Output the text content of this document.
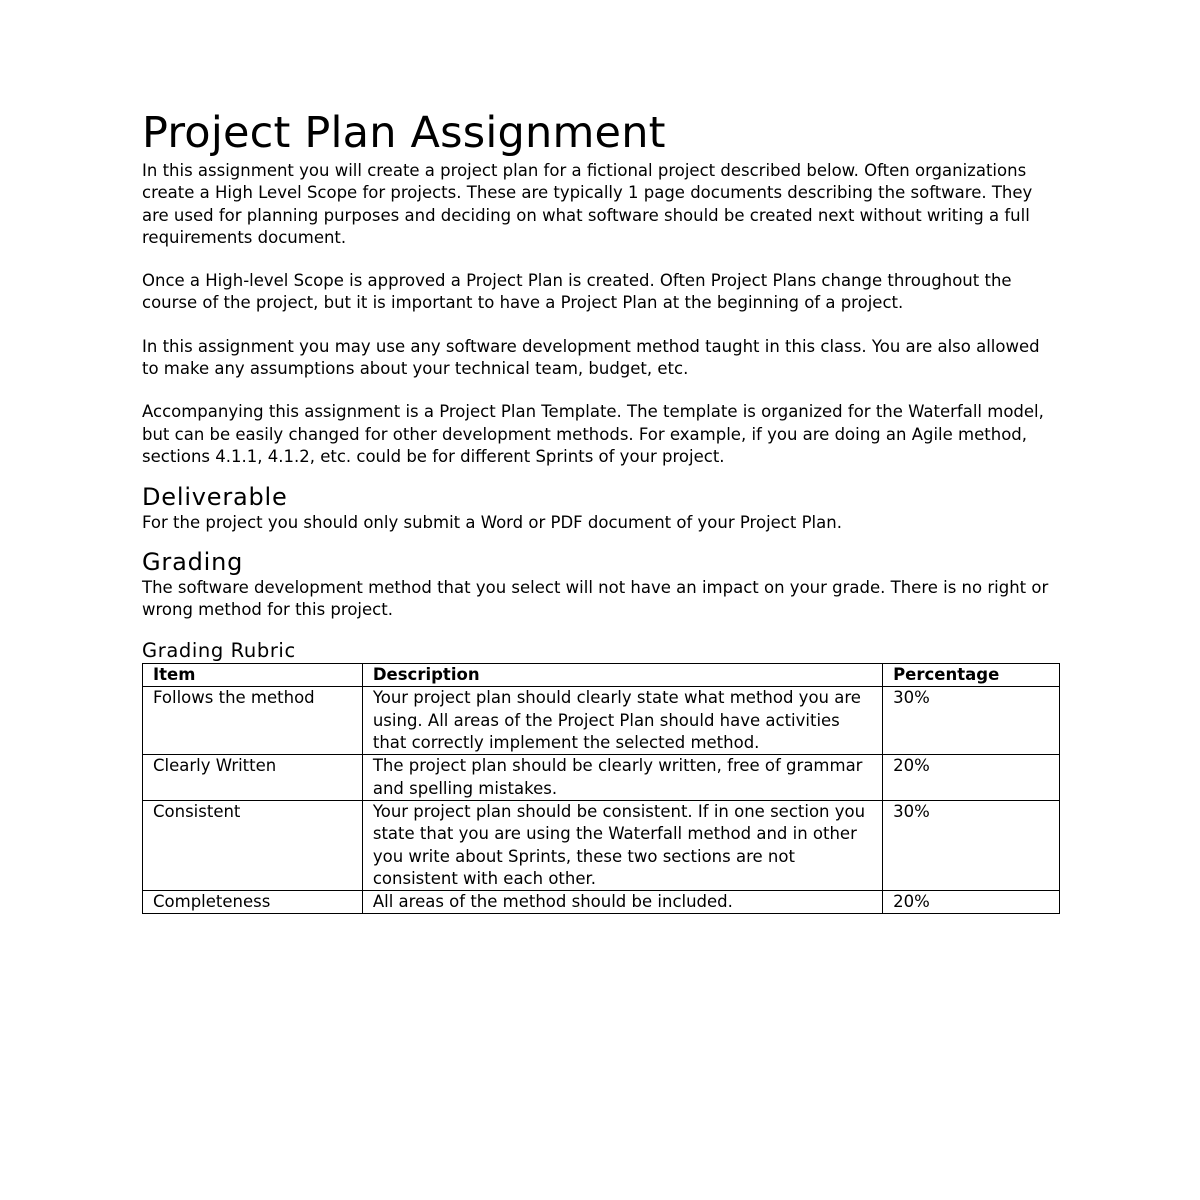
Project Plan Assignment

In this assignment you will create a project plan for a fictional project described below. Often organizations create a High Level Scope for projects. These are typically 1 page documents describing the software. They are used for planning purposes and deciding on what software should be created next without writing a full requirements document.

Once a High-level Scope is approved a Project Plan is created. Often Project Plans change throughout the course of the project, but it is important to have a Project Plan at the beginning of a project.

In this assignment you may use any software development method taught in this class. You are also allowed to make any assumptions about your technical team, budget, etc.

Accompanying this assignment is a Project Plan Template. The template is organized for the Waterfall model, but can be easily changed for other development methods. For example, if you are doing an Agile method, sections 4.1.1, 4.1.2, etc. could be for different Sprints of your project.

Deliverable

For the project you should only submit a Word or PDF document of your Project Plan.

Grading

The software development method that you select will not have an impact on your grade. There is no right or wrong method for this project.

Grading Rubric
Item	Description	Percentage
Follows the method	Your project plan should clearly state what method you are using. All areas of the Project Plan should have activities that correctly implement the selected method.	30%
Clearly Written	The project plan should be clearly written, free of grammar and spelling mistakes.	20%
Consistent	Your project plan should be consistent. If in one section you state that you are using the Waterfall method and in other you write about Sprints, these two sections are not consistent with each other.	30%
Completeness	All areas of the method should be included.	20%
